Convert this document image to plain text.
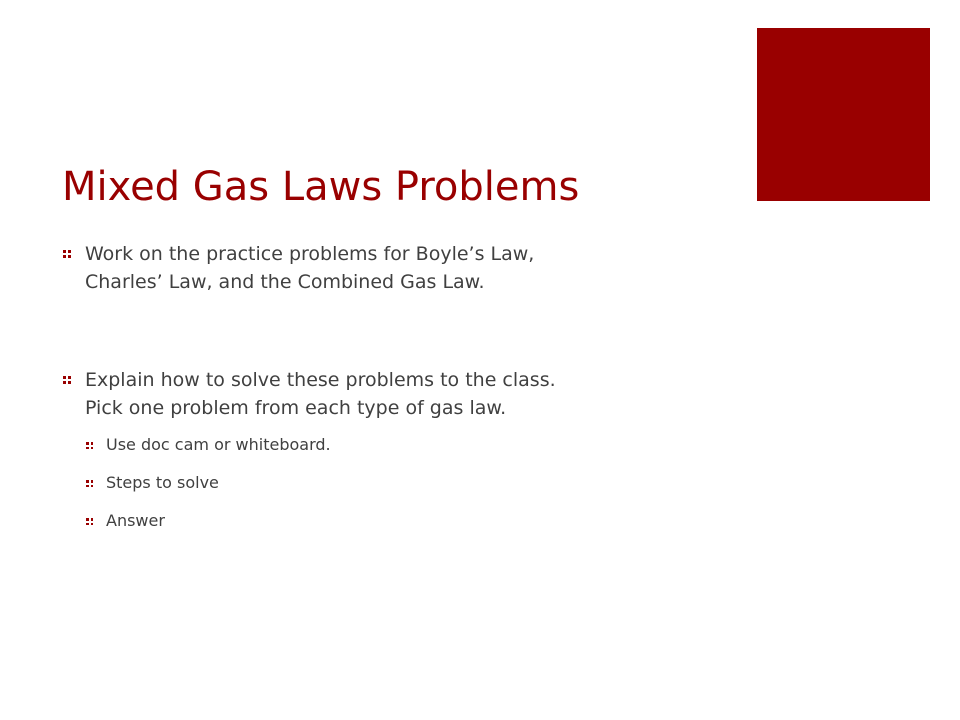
Mixed Gas Laws Problems
Work on the practice problems for Boyle’s Law,
Charles’ Law, and the Combined Gas Law.
Explain how to solve these problems to the class.
Pick one problem from each type of gas law.
Use doc cam or whiteboard.
Steps to solve
Answer
